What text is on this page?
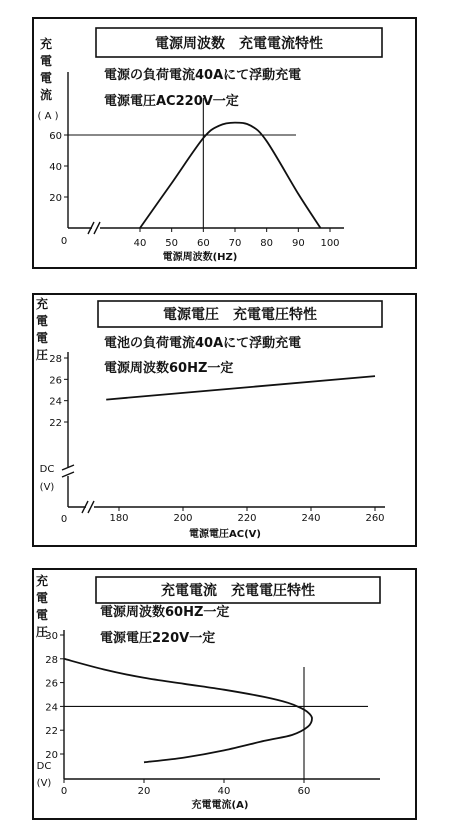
電源周波数　充電電流特性
電源の負荷電流40Aにて浮動充電
電源電圧AC220V一定
充
電
電
流
( A )
0	40 50 60 70 80 90 100
20
40
60
電源周波数(HZ)
電源電圧　充電電圧特性
電池の負荷電流40Aにて浮動充電
電源周波数60HZ一定
充
電
電
圧
DC
(V)
0	180	200	220	240	260
22
24
26
28
電源電圧AC(V)
充電電流　充電電圧特性
電源周波数60HZ一定
電源電圧220V一定
充
電
電
圧
DC
(V)
0	20	40	60
20
22
24
26
28
30
充電電流(A)
